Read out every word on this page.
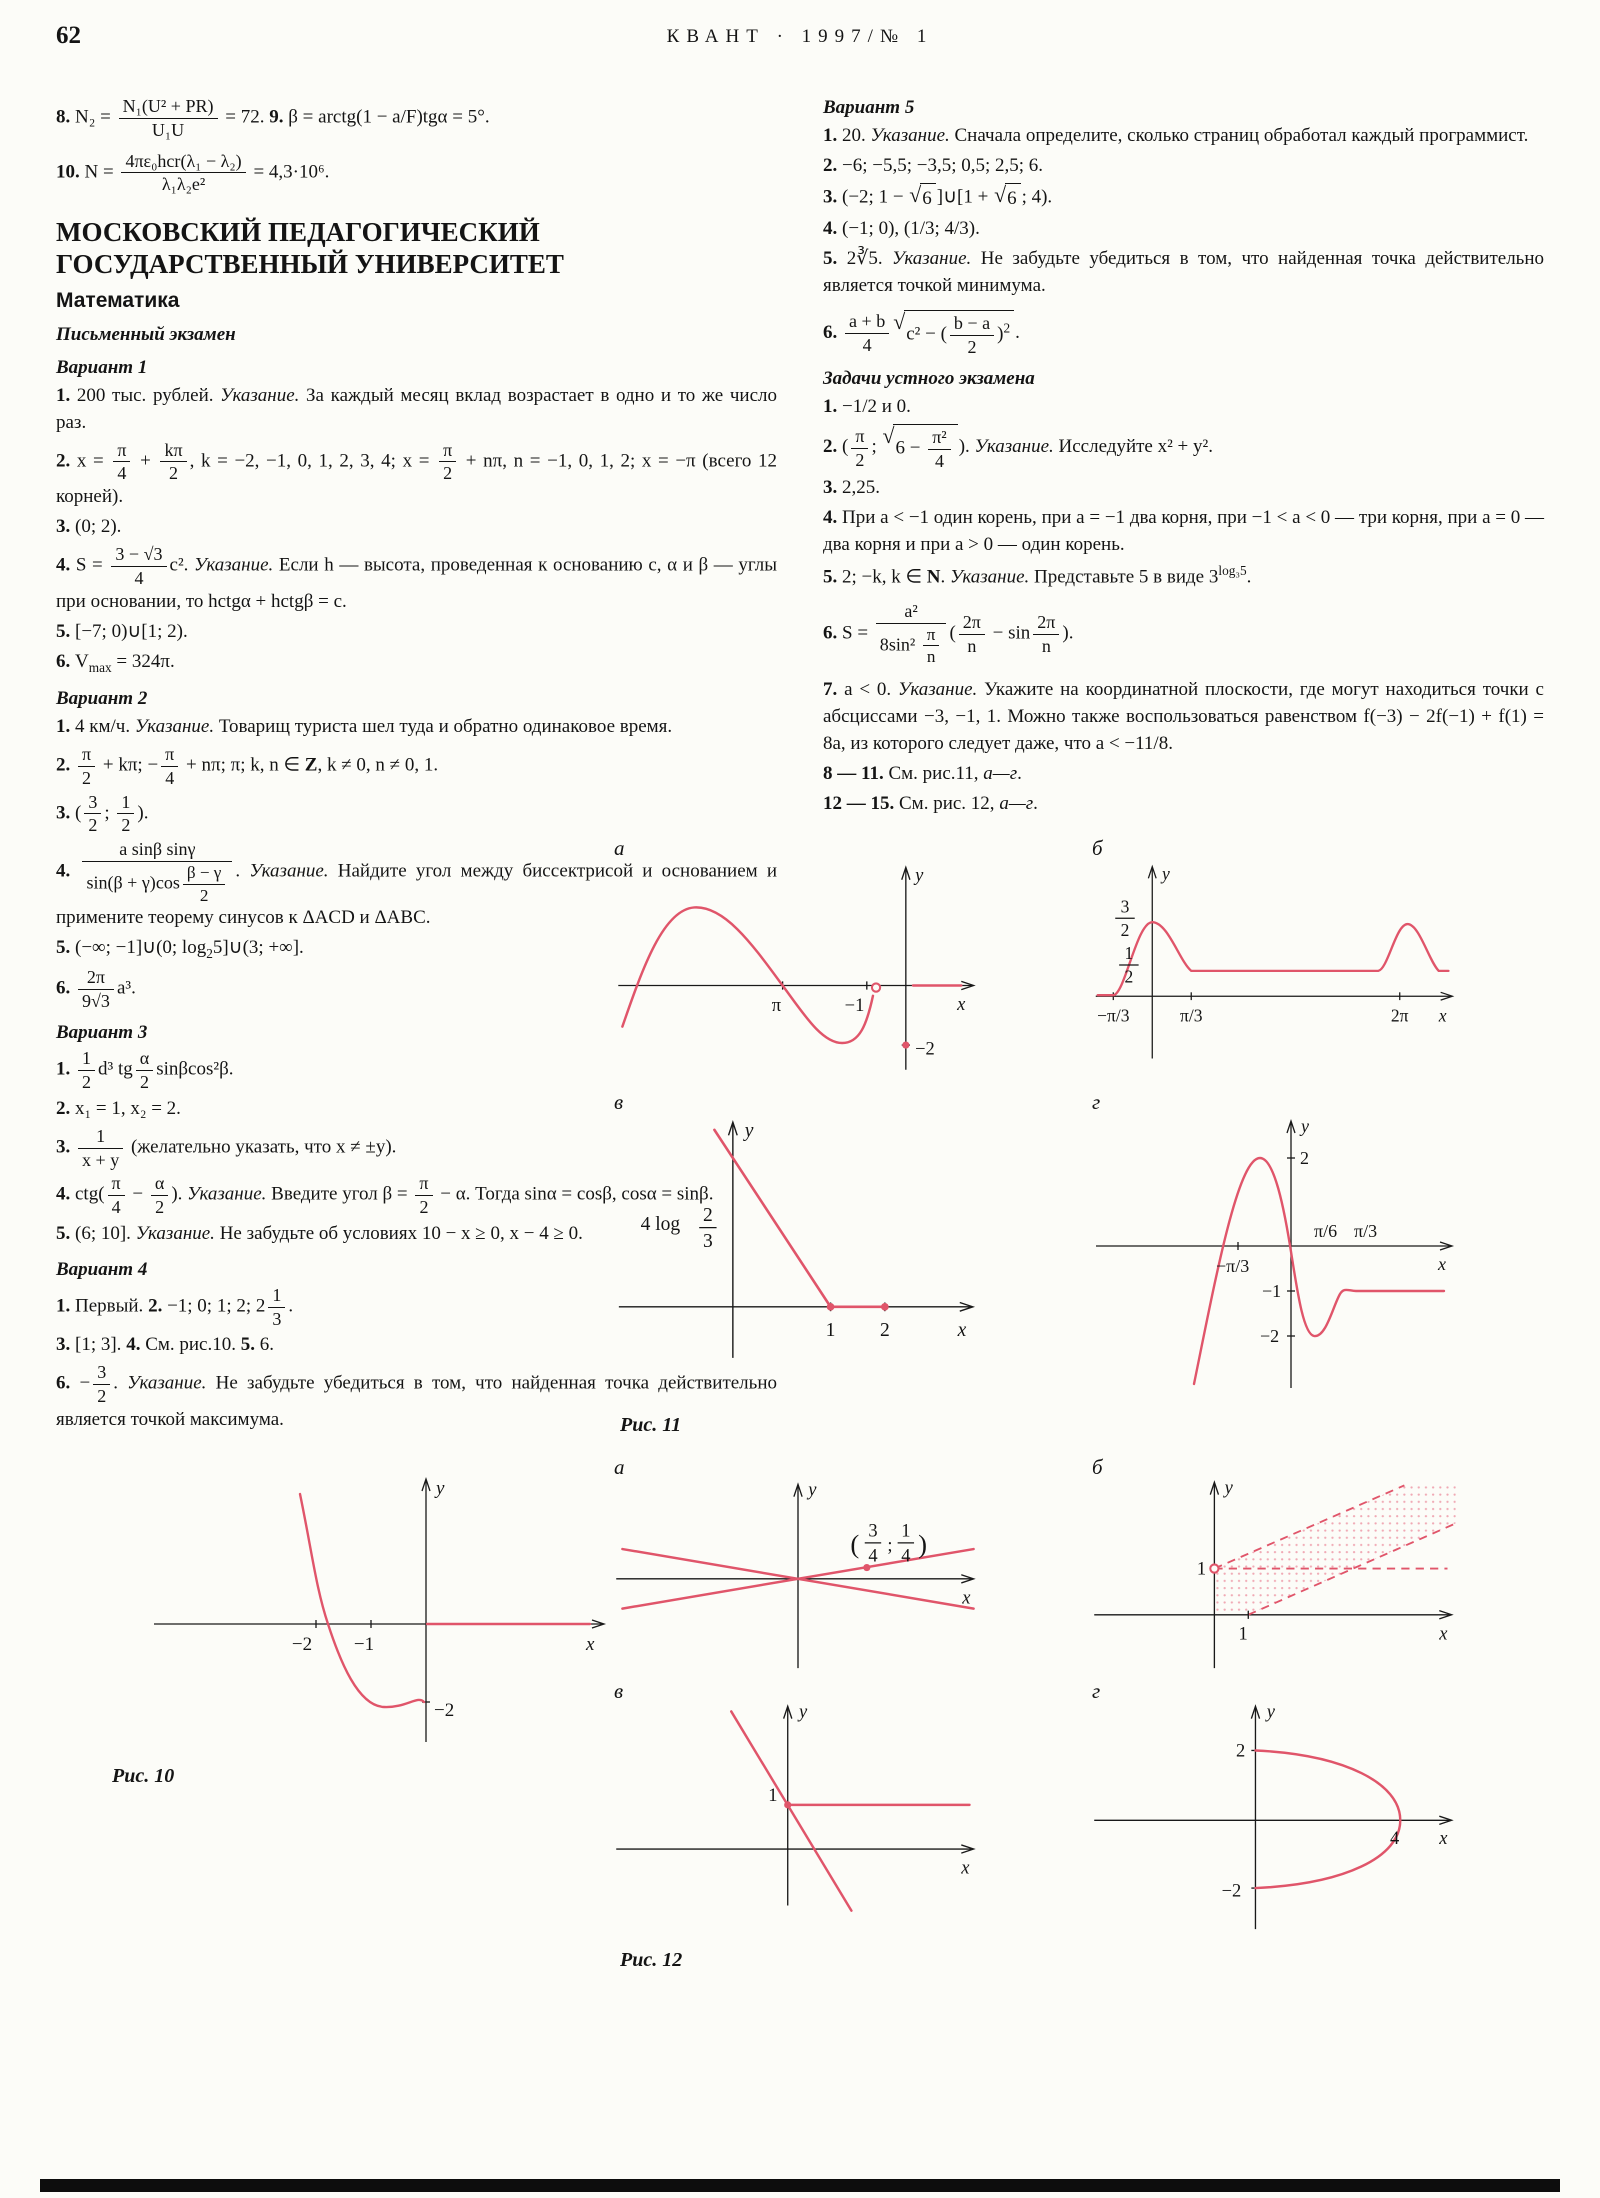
62	КВАНТ · 1997/№ 1
8. $N_2 = \frac{\text{N₁(U² + PR)}}{\text{U₁U}} = 72$. 9. β = arctg(1 − a/F)tgα = 5°.
10. $N = \frac{\text{4πε₀hcr(λ₁ − λ₂)}}{\text{λ₁λ₂e²}} = 4,3\cdot 10^6$.
МОСКОВСКИЙ ПЕДАГОГИЧЕСКИЙ ГОСУДАРСТВЕННЫЙ УНИВЕРСИТЕТ
Математика
Письменный экзамен
Вариант 1
1. 200 тыс. рублей. Указание. За каждый месяц вклад возрастает в одно и то же число раз.
2. $x = \frac{\pi}{4} + \frac{k\pi}{2}$ , k = −2, −1, 0, 1, 2, 3, 4; $x = \frac{\pi}{2} + n\pi$, n = −1, 0, 1, 2; x = −π (всего 12 корней).
3. (0; 2).
4. $S = \frac{3 - √3}{4} c^2$. Указание. Если h — высота, проведенная к основанию c, α и β — углы при основании, то hctgα + hctgβ = c.
5. [−7; 0)∪[1; 2).
6. $V_{max} = 324\pi$.
Вариант 2
1. 4 км/ч. Указание. Товарищ туриста шел туда и обратно одинаковое время.
2. $\frac{\pi}{2} + k\pi$; − $\frac{\pi}{4} + n\pi$; π; k, n ∈ Z, k ≠ 0, n ≠ 0, 1.
3. ( $\frac{3}{2}$ ; $\frac{1}{2}$ ).
4. $\frac{\text{a sinβ sinγ}}{\sin(\beta + \gamma)\cos \frac{\beta - \gamma}{2}}$ . Указание. Найдите угол между биссектрисой и основанием и примените теорему синусов к ΔACD и ΔABC.
5. (−∞; −1]∪(0; $\log_25]\cup(3$; +∞].
6. $\frac{2\pi}{9√3} a^3$.
Вариант 3
1. $\frac{1}{2} d^3$ tg $\frac{\alpha}{2} \sin\beta\cos^2\beta$.
2. x₁ = 1, x₂ = 2.
3. $\frac{1}{x + y}$ (желательно указать, что x ≠ ±y).
4. $ctg( \frac{\pi}{4} - \frac{\alpha}{2}$ ). Указание. Введите угол $\beta = \frac{\pi}{2} - \alpha$. Тогда sinα = cosβ, cosα = sinβ.
5. (6; 10]. Указание. Не забудьте об условиях 10 − x ≥ 0, x − 4 ≥ 0.
Вариант 4
1. Первый. 2. −1; 0; 1; 2; $2 \frac{1}{3}$ .
3. [1; 3]. 4. См. рис.10. 5. 6.
6. − $\frac{3}{2}$ . Указание. Не забудьте убедиться в том, что найденная точка действительно является точкой максимума.
−2 −1
−2
x
y
Рис. 10
Вариант 5
1. 20. Указание. Сначала определите, сколько страниц обработал каждый программист.
2. −6; −5,5; −3,5; 0,5; 2,5; 6.
3. (−2; 1 − √ 6 ]∪[1 + √ 6 ; 4).
4. (−1; 0), (1/3; 4/3).
5. 2∛5. Указание. Не забудьте убедиться в том, что найденная точка действительно является точкой минимума.
6. $\frac{a + b}{4}$ √
c² − ( $\frac{b - a}{2} )^2$ .
Задачи устного экзамена
1. −1/2 и 0.
2. ( $\frac{\pi}{2}$ ; √
$6 - \frac{\text{π²}}{4}$ ). Указание. Исследуйте x² + y².
3. 2,25.
4. При a < −1 один корень, при a = −1 два корня, при −1 < a < 0 — три корня, при a = 0 — два корня и при a > 0 — один корень.
5. 2; −k, k ∈ N. Указание. Представьте 5 в виде $3^{log_35}$.
6. $S = \frac{\text{a²}}{8\sin^2 \frac{\pi}{n}}$ ( $\frac{2\pi}{n} - \sin \frac{2\pi}{n}$ ).
7. a < 0. Указание. Укажите на координатной плоскости, где могут находиться точки с абсциссами −3, −1, 1. Можно также воспользоваться равенством f(−3) − 2f(−1) + f(1) = 8a, из которого следует даже, что a < −11/8.
8 — 11. См. рис.11, а—г.
12 — 15. См. рис. 12, а—г.
а
π	−1
−2
x
y
б
3
2
1
2
−π/3	π/3	2π x
y
в
4 log 2
3
1 2	x
y
г
2
π/6 π/3
−π/3
−1
−2
x
y
Рис. 11
а
( 3
4
;
1
4 )
x
y
б
1
1	x
y
в
1
x
y
г
2
−2
4 x
y
Рис. 12
